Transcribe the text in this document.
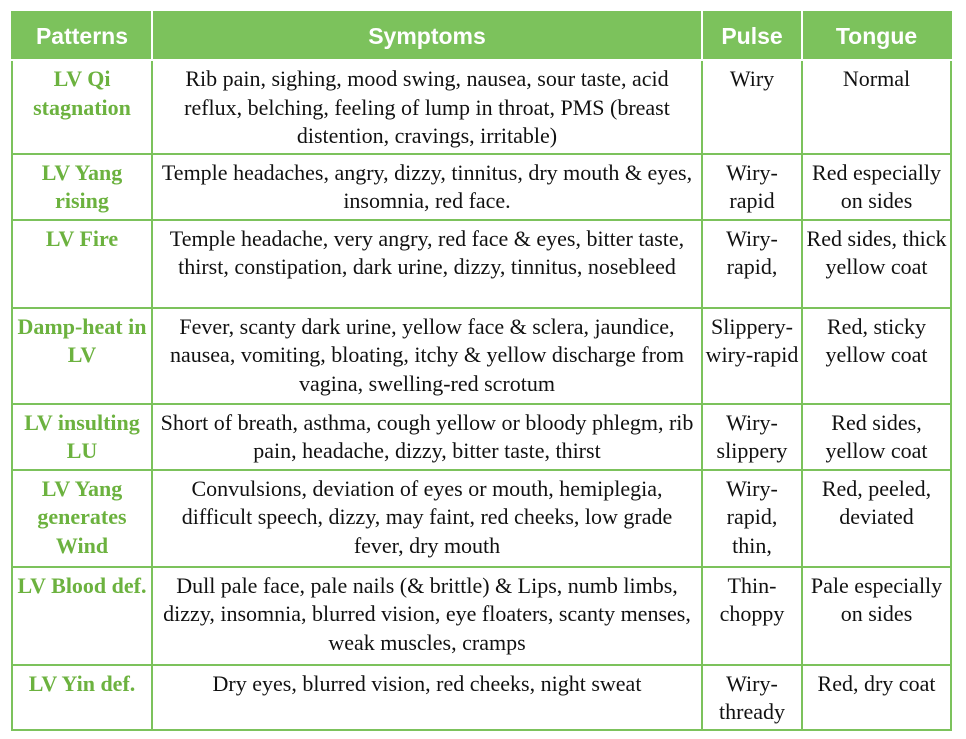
Patterns	Symptoms	Pulse	Tongue
LV Qi stagnation	Rib pain, sighing, mood swing, nausea, sour taste, acid reflux, belching, feeling of lump in throat, PMS (breast distention, cravings, irritable)	Wiry	Normal
LV Yang rising	Temple headaches, angry, dizzy, tinnitus, dry mouth & eyes, insomnia, red face.	Wiry-rapid	Red especially on sides
LV Fire	Temple headache, very angry, red face & eyes, bitter taste, thirst, constipation, dark urine, dizzy, tinnitus, nosebleed	Wiry-rapid,	Red sides, thick yellow coat
Damp-heat in LV	Fever, scanty dark urine, yellow face & sclera, jaundice, nausea, vomiting, bloating, itchy & yellow discharge from vagina, swelling-red scrotum	Slippery-wiry-rapid	Red, sticky yellow coat
LV insulting LU	Short of breath, asthma, cough yellow or bloody phlegm, rib pain, headache, dizzy, bitter taste, thirst	Wiry-slippery	Red sides, yellow coat
LV Yang generates Wind	Convulsions, deviation of eyes or mouth, hemiplegia, difficult speech, dizzy, may faint, red cheeks, low grade fever, dry mouth	Wiry-rapid, thin,	Red, peeled, deviated
LV Blood def.	Dull pale face, pale nails (& brittle) & Lips, numb limbs, dizzy, insomnia, blurred vision, eye floaters, scanty menses, weak muscles, cramps	Thin-choppy	Pale especially on sides
LV Yin def.	Dry eyes, blurred vision, red cheeks, night sweat	Wiry-thready	Red, dry coat
